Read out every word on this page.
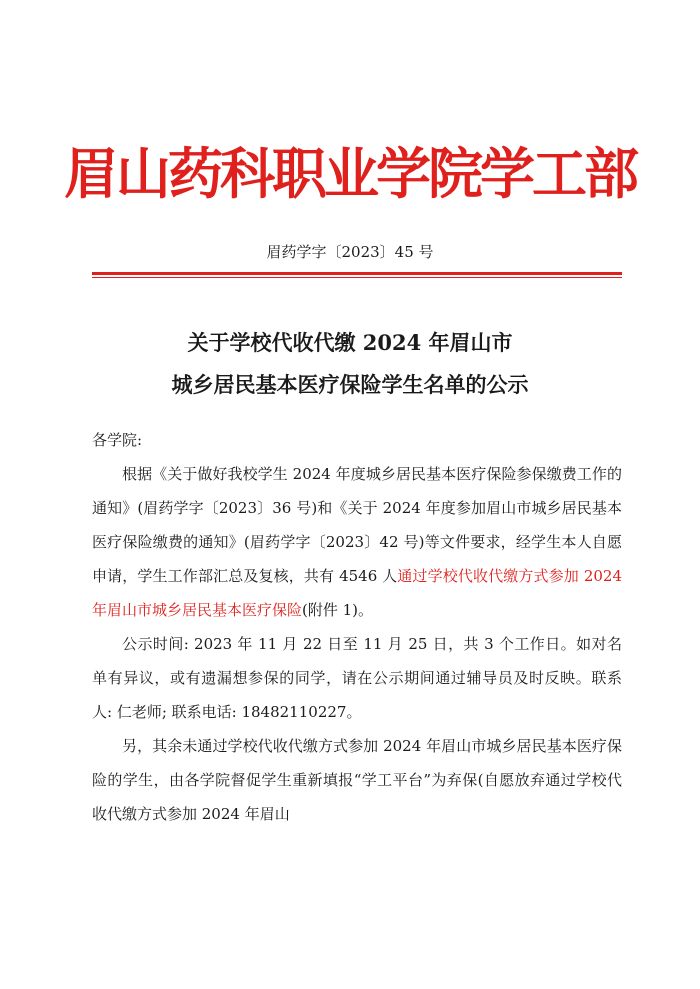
眉山药科职业学院学工部
眉药学字〔2023〕45 号
关于学校代收代缴 2024 年眉山市
城乡居民基本医疗保险学生名单的公示

各学院:

根据《关于做好我校学生 2024 年度城乡居民基本医疗保险参保缴费工作的通知》(眉药学字〔2023〕36 号)和《关于 2024 年度参加眉山市城乡居民基本医疗保险缴费的通知》(眉药学字〔2023〕42 号)等文件要求，经学生本人自愿申请，学生工作部汇总及复核，共有 4546 人通过学校代收代缴方式参加 2024 年眉山市城乡居民基本医疗保险(附件 1)。

公示时间: 2023 年 11 月 22 日至 11 月 25 日，共 3 个工作日。如对名单有异议，或有遗漏想参保的同学，请在公示期间通过辅导员及时反映。联系人: 仁老师; 联系电话: 18482110227。

另，其余未通过学校代收代缴方式参加 2024 年眉山市城乡居民基本医疗保险的学生，由各学院督促学生重新填报“学工平台”为弃保(自愿放弃通过学校代收代缴方式参加 2024 年眉山
